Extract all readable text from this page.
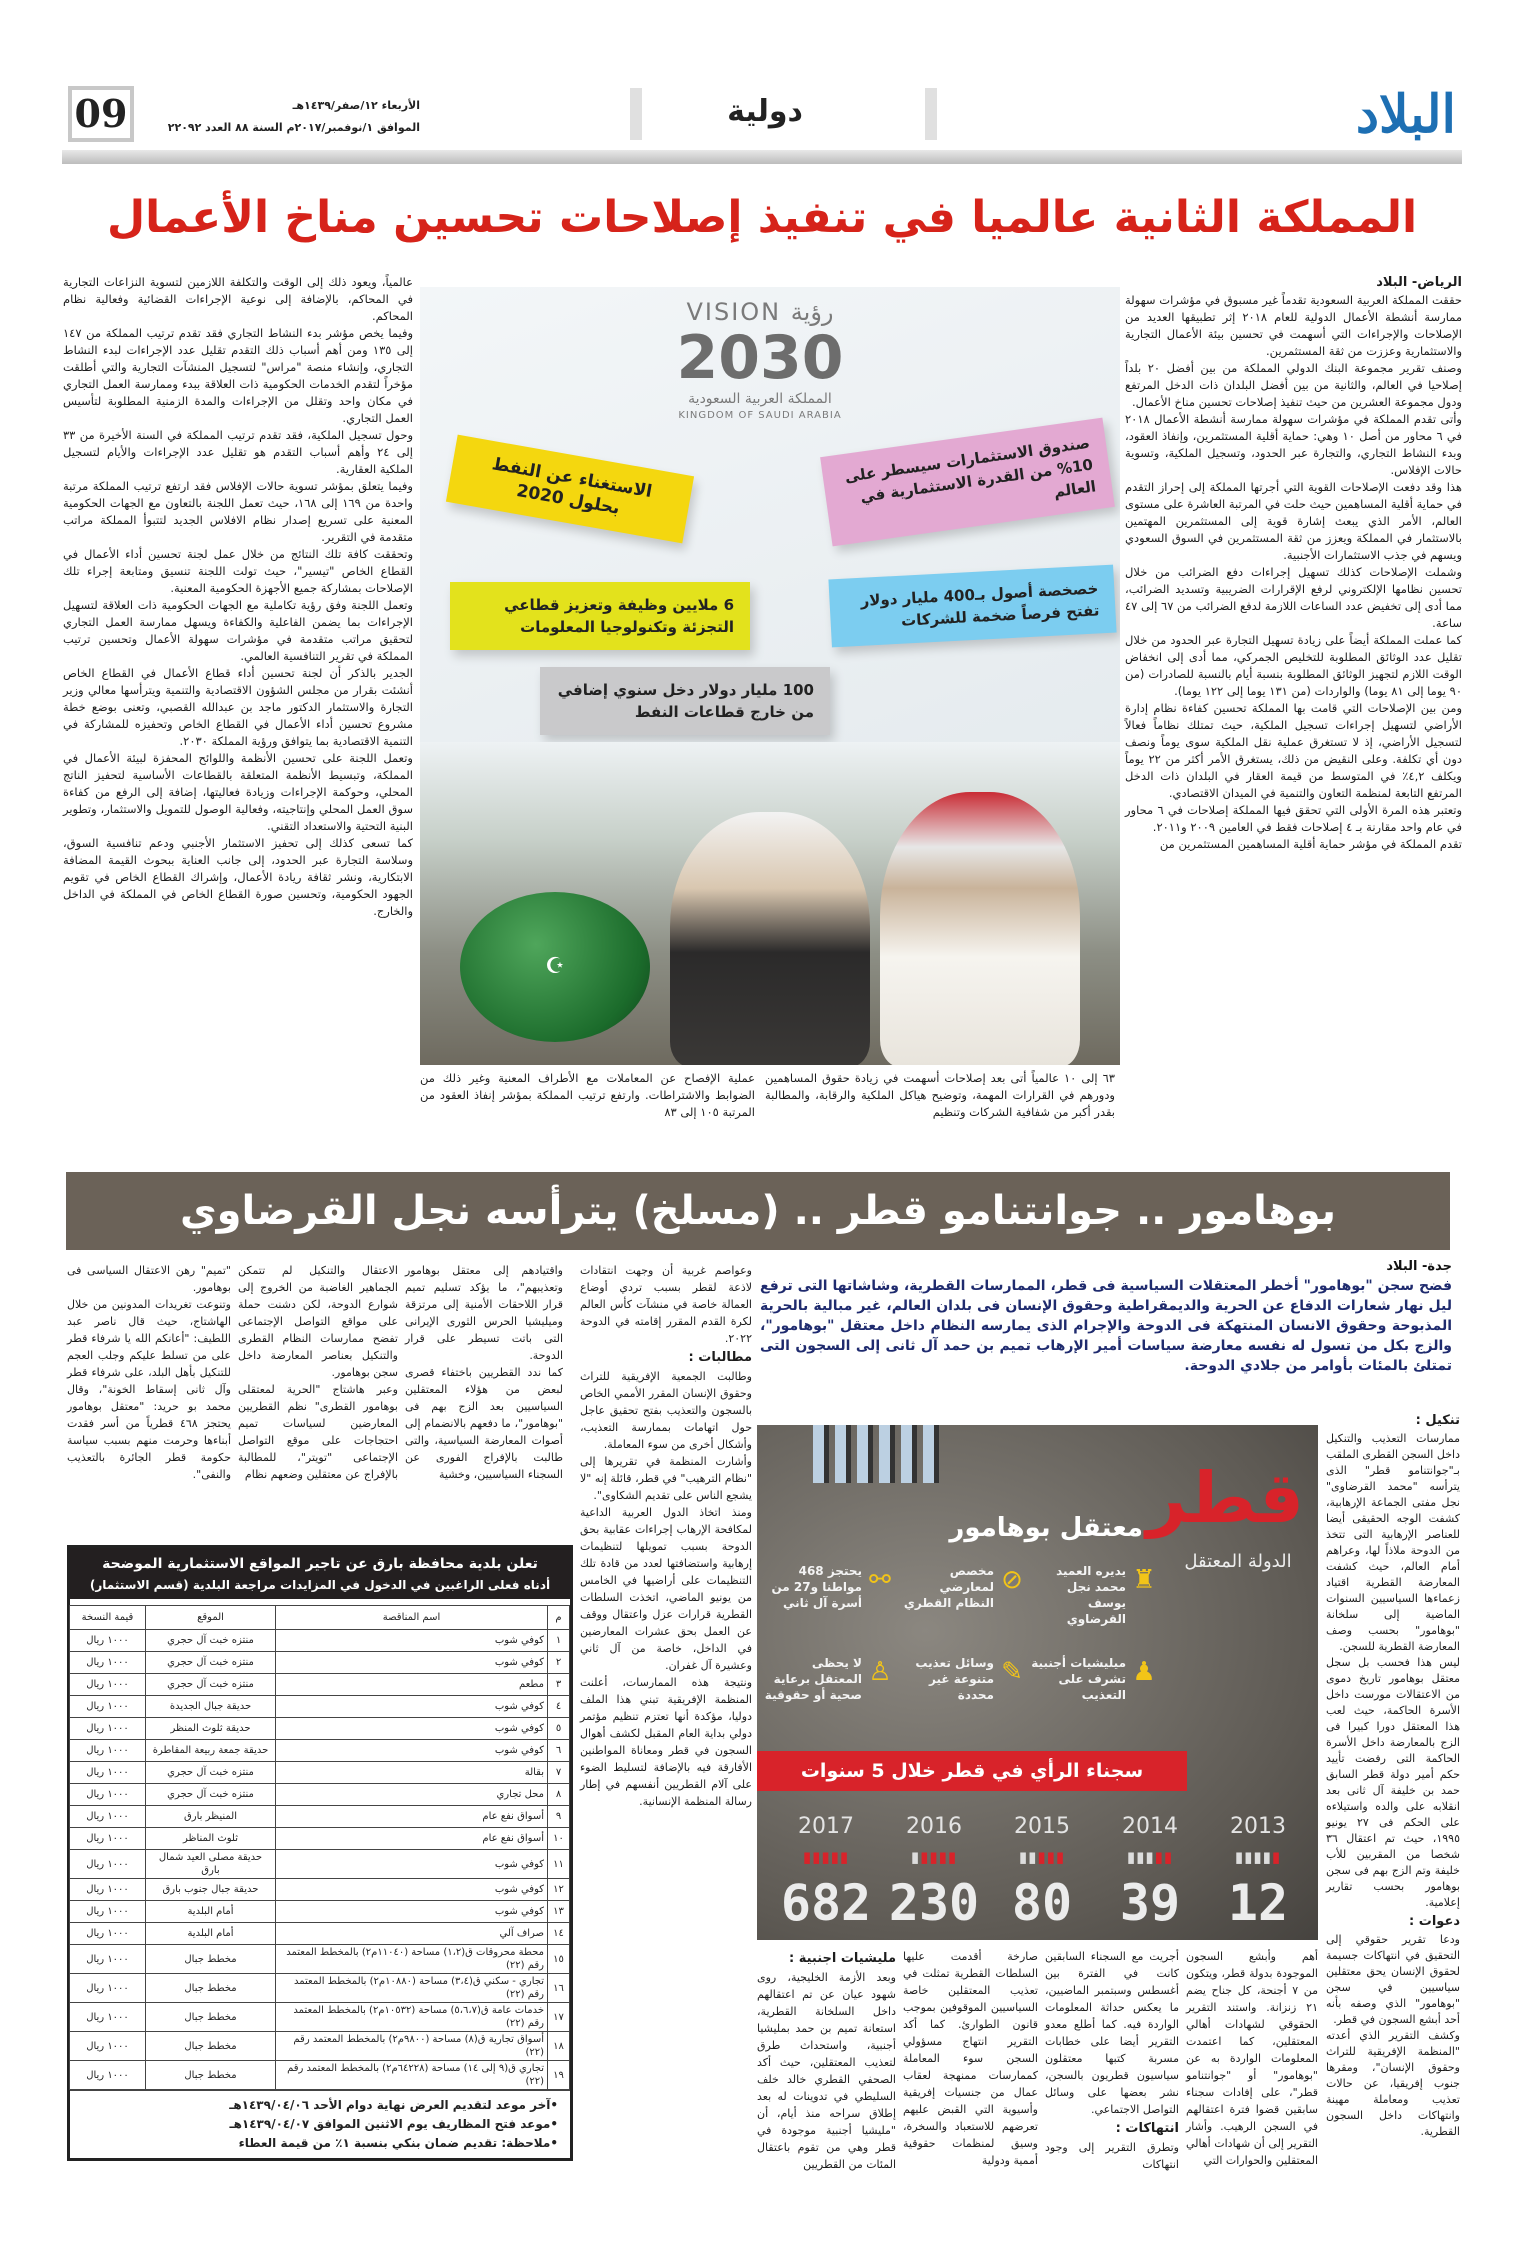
البلاد
دولية
الأربعاء ١٢/صفر/١٤٣٩هـ
الموافق ١/نوفمبر/٢٠١٧م السنة ٨٨ العدد ٢٢٠٩٢
09
المملكة الثانية عالميا في تنفيذ إصلاحات تحسين مناخ الأعمال
الرياض- البلاد

حققت المملكة العربية السعودية تقدماً غير مسبوق في مؤشرات سهولة ممارسة أنشطة الأعمال الدولية للعام ٢٠١٨ إثر تطبيقها العديد من الإصلاحات والإجراءات التي أسهمت في تحسين بيئة الأعمال التجارية والاستثمارية وعززت من ثقة المستثمرين.

وصنف تقرير مجموعة البنك الدولي المملكة من بين أفضل ٢٠ بلداً إصلاحيا في العالم، والثانية من بين أفضل البلدان ذات الدخل المرتفع ودول مجموعة العشرين من حيث تنفيذ إصلاحات تحسين مناخ الأعمال.

وأتى تقدم المملكة في مؤشرات سهولة ممارسة أنشطة الأعمال ٢٠١٨ في ٦ محاور من أصل ١٠ وهي: حماية أقلية المستثمرين، وإنفاذ العقود، وبدء النشاط التجاري، والتجارة عبر الحدود، وتسجيل الملكية، وتسوية حالات الإفلاس.

هذا وقد دفعت الإصلاحات القوية التي أجرتها المملكة إلى إحراز التقدم في حماية أقلية المساهمين حيث حلت في المرتبة العاشرة على مستوى العالم، الأمر الذي يبعث إشارة قوية إلى المستثمرين المهتمين بالاستثمار في المملكة ويعزز من ثقة المستثمرين في السوق السعودي ويسهم في جذب الاستثمارات الأجنبية.

وشملت الإصلاحات كذلك تسهيل إجراءات دفع الضرائب من خلال تحسين نظامها الإلكتروني لرفع الإقرارات الضريبية وتسديد الضرائب، مما أدى إلى تخفيض عدد الساعات اللازمة لدفع الضرائب من ٦٧ إلى ٤٧ ساعة.

كما عملت المملكة أيضاً على زيادة تسهيل التجارة عبر الحدود من خلال تقليل عدد الوثائق المطلوبة للتخليص الجمركي، مما أدى إلى انخفاض الوقت اللازم لتجهيز الوثائق المطلوبة بنسبة أيام بالنسبة للصادرات (من ٩٠ يوما إلى ٨١ يوما) والواردات (من ١٣١ يوما إلى ١٢٢ يوما).

ومن بين الإصلاحات التي قامت بها المملكة تحسين كفاءة نظام إدارة الأراضي لتسهيل إجراءات تسجيل الملكية، حيث تمتلك نظاماً فعالاً لتسجيل الأراضي، إذ لا تستغرق عملية نقل الملكية سوى يوماً ونصف دون أي تكلفة. وعلى النقيض من ذلك، يستغرق الأمر أكثر من ٢٢ يوماً ويكلف ٤,٢٪ في المتوسط من قيمة العقار في البلدان ذات الدخل المرتفع التابعة لمنظمة التعاون والتنمية في الميدان الاقتصادي.

وتعتبر هذه المرة الأولى التي تحقق فيها المملكة إصلاحات في ٦ محاور في عام واحد مقارنة بـ ٤ إصلاحات فقط في العامين ٢٠٠٩ و٢٠١١.

تقدم المملكة في مؤشر حماية أقلية المساهمين المستثمرين من

عالمياً، ويعود ذلك إلى الوقت والتكلفة اللازمين لتسوية النزاعات التجارية في المحاكم، بالإضافة إلى نوعية الإجراءات القضائية وفعالية نظام المحاكم.

وفيما يخص مؤشر بدء النشاط التجاري فقد تقدم ترتيب المملكة من ١٤٧ إلى ١٣٥ ومن أهم أسباب ذلك التقدم تقليل عدد الإجراءات لبدء النشاط التجاري، وإنشاء منصة "مراس" لتسجيل المنشآت التجارية والتي أطلقت مؤخراً لتقدم الخدمات الحكومية ذات العلاقة ببدء وممارسة العمل التجاري في مكان واحد وتقلل من الإجراءات والمدة الزمنية المطلوبة لتأسيس العمل التجاري.

وحول تسجيل الملكية، فقد تقدم ترتيب المملكة في السنة الأخيرة من ٣٣ إلى ٢٤ وأهم أسباب التقدم هو تقليل عدد الإجراءات والأيام لتسجيل الملكية العقارية.

وفيما يتعلق بمؤشر تسوية حالات الإفلاس فقد ارتفع ترتيب المملكة مرتبة واحدة من ١٦٩ إلى ١٦٨، حيث تعمل اللجنة بالتعاون مع الجهات الحكومية المعنية على تسريع إصدار نظام الافلاس الجديد لتتبوأ المملكة مراتب متقدمة في التقرير.

وتحققت كافة تلك النتائج من خلال عمل لجنة تحسين أداء الأعمال في القطاع الخاص "تيسير"، حيث تولت اللجنة تنسيق ومتابعة إجراء تلك الإصلاحات بمشاركة جميع الأجهزة الحكومية المعنية.

وتعمل اللجنة وفق رؤية تكاملية مع الجهات الحكومية ذات العلاقة لتسهيل الإجراءات بما يضمن الفاعلية والكفاءة ويسهل ممارسة العمل التجاري لتحقيق مراتب متقدمة في مؤشرات سهولة الأعمال وتحسين ترتيب المملكة في تقرير التنافسية العالمي.

الجدير بالذكر أن لجنة تحسين أداء قطاع الأعمال في القطاع الخاص أنشئت بقرار من مجلس الشؤون الاقتصادية والتنمية ويترأسها معالي وزير التجارة والاستثمار الدكتور ماجد بن عبدالله القصبي، وتعنى بوضع خطة مشروع تحسين أداء الأعمال في القطاع الخاص وتحفيزه للمشاركة في التنمية الاقتصادية بما يتوافق ورؤية المملكة ٢٠٣٠.

وتعمل اللجنة على تحسين الأنظمة واللوائح المحفزة لبيئة الأعمال في المملكة، وتبسيط الأنظمة المتعلقة بالقطاعات الأساسية لتحفيز الناتج المحلي، وحوكمة الإجراءات وزيادة فعاليتها، إضافة إلى الرفع من كفاءة سوق العمل المحلي وإنتاجيته، وفعالية الوصول للتمويل والاستثمار، وتطوير البنية التحتية والاستعداد التقني.

كما تسعى كذلك إلى تحفيز الاستثمار الأجنبي ودعم تنافسية السوق، وسلاسة التجارة عبر الحدود، إلى جانب العناية ببحوث القيمة المضافة الابتكارية، ونشر ثقافة ريادة الأعمال، وإشراك القطاع الخاص في تقويم الجهود الحكومية، وتحسين صورة القطاع الخاص في المملكة في الداخل والخارج.

VISION رؤية
2030
المملكة العربية السعودية
KINGDOM OF SAUDI ARABIA
صندوق الاستثمارات سيسطر على 10% من القدرة الاستثمارية في العالم
الاستغناء عن النفط بحلول 2020
خصخصة أصول بـ400 مليار دولار تفتح فرصاً ضخمة للشركات
6 ملايين وظيفة وتعزيز قطاعي التجزئة وتكنولوجيا المعلومات
100 مليار دولار دخل سنوي إضافي من خارج قطاعات النفط
☪

٦٣ إلى ١٠ عالمياً أتى بعد إصلاحات أسهمت في زيادة حقوق المساهمين ودورهم في القرارات المهمة، وتوضيح هياكل الملكية والرقابة، والمطالبة بقدر أكبر من شفافية الشركات وتنظيم

عملية الإفصاح عن المعاملات مع الأطراف المعنية وغير ذلك من الضوابط والاشتراطات. وارتفع ترتيب المملكة بمؤشر إنفاذ العقود من المرتبة ١٠٥ إلى ٨٣

بوهامور .. جوانتنامو قطر .. (مسلخ) يترأسه نجل القرضاوي
جدة- البلاد
فضح سجن "بوهامور" أخطر المعتقلات السياسية فى قطر، الممارسات القطرية، وشاشاتها التى ترفع ليل نهار شعارات الدفاع عن الحرية والديمقراطية وحقوق الإنسان فى بلدان العالم، غير مبالية بالحرية المذبوحة وحقوق الانسان المنتهكة فى الدوحة والإجرام الذى يمارسه النظام داخل معتقل "بوهامور"، والزج بكل من تسول له نفسه معارضة سياسات أمير الإرهاب تميم بن حمد آل ثانى إلى السجون التى تمتلئ بالمئات بأوامر من جلادي الدوحة.
تنكيل :

ممارسات التعذيب والتنكيل داخل السجن القطرى الملقب بـ"جوانتنامو قطر" الذى يترأسه "محمد القرضاوى" نجل مفتى الجماعة الإرهابية، كشفت الوجه الحقيقى أيضا للعناصر الإرهابية التى تتخذ من الدوحة ملاذاً لها، وعراهم أمام العالم، حيث كشفت المعارضة القطرية اقتياد زعماءها السياسيين السنوات الماضية إلى سلخانة "بوهامور" بحسب وصف المعارضة القطرية للسجن.

ليس هذا فحسب بل سجل معتقل بوهامور تاريخ دموى من الاعتقالات مورست داخل الأسرة الحاكمة، حيث لعب هذا المعتقل دورا كبيرا فى الزج بالمعارضة داخل الأسرة الحاكمة التى رفضت تأييد حكم أمير دولة قطر السابق حمد بن خليفة آل ثانى بعد انقلابه على والده واستيلاءه على الحكم فى ٢٧ يونيو ١٩٩٥، حيث تم اعتقال ٣٦ شخصا من المقربين للأب خليفة وتم الزج بهم فى سجن بوهامور بحسب تقارير إعلامية.

دعوات :

ودعا تقرير حقوقي إلى التحقيق في انتهاكات جسيمة لحقوق الإنسان يحق معتقلين سياسيين في سجن "بوهامور" الذي وصفه بأنه أحد أبشع السجون في قطر.

وكشف التقرير الذي أعدته "المنظمة الإفريقية للتراث وحقوق الإنسان"، ومقرها جنوب إفريقيا، عن حالات تعذيب ومعاملة مهينة وانتهاكات داخل السجون القطرية.

قطر
الدولة المعتقل
معتقل بوهامور
♜
يديره العميد محمد نجل يوسف القرضاوي
⊘
مخصص لمعارضي النظام القطري
⚯
يحتجز 468 مواطنا و27 من أسرة آل ثاني
♟
ميليشيات أجنبية تشرف على التعذيب
✎
وسائل تعذيب متنوعة غير محددة
♙
لا يحظى المعتقل برعاية صحية أو حقوقية
سجناء الرأي في قطر خلال 5 سنوات
2013
▮▮▮▮▮
12
2014
▮▮▮▮▮
39
2015
▮▮▮▮▮
80
2016
▮▮▮▮▮
230
2017
▮▮▮▮▮
682

وعواصم غربية أن وجهت انتقادات لاذعة لقطر بسبب تردي أوضاع العمالة خاصة في منشآت كأس العالم لكرة القدم المقرر إقامته في الدوحة ٢٠٢٢.

مطالبات :

وطالبت الجمعية الإفريقية للتراث وحقوق الإنسان المقرر الأممي الخاص بالسجون والتعذيب بفتح تحقيق عاجل حول اتهامات بممارسة التعذيب، وأشكال أخرى من سوء المعاملة.

وأشارت المنظمة في تقريرها إلى "نظام الترهيب" في قطر، قائلة إنه "لا يشجع الناس على تقديم الشكاوى".

ومنذ اتخاذ الدول العربية الداعية لمكافحة الإرهاب إجراءات عقابية بحق الدوحة بسبب تمويلها لتنظيمات إرهابية واستضافتها لعدد من قادة تلك التنظيمات على أراضيها في الخامس من يونيو الماضي، اتخذت السلطات القطرية قرارات عزل واعتقال ووقف عن العمل بحق عشرات المعارضين في الداخل، خاصة من آل ثاني وعشيرة آل غفران.

ونتيجة هذه الممارسات، أعلنت المنظمة الإفريقية تبني هذا الملف دوليا، مؤكدة أنها تعتزم تنظيم مؤتمر دولي بداية العام المقبل لكشف أهوال السجون في قطر ومعاناة المواطنين الأفارقة فيه بالإضافة لتسليط الضوء على آلام القطريين أنفسهم في إطار رسالة المنظمة الإنسانية.

واقتيادهم إلى معتقل بوهامور وتعذيبهم"، ما يؤكد تسليم تميم قرار اللاحقات الأمنية إلى مرتزقة وميليشيا الحرس الثورى الإيرانى التى باتت تسيطر على قرار الدوحة.

كما ندد القطريين باختفاء قصرى لبعض من هؤلاء المعتقلين السياسيين بعد الزج بهم فى "بوهامور"، ما دفعهم بالانضمام إلى أصوات المعارضة السياسية، والتى طالبت بالإفراج الفورى عن السجناء السياسيين، وخشية

الاعتقال والتنكيل لم تتمكن الجماهير الغاضبة من الخروج إلى شوارع الدوحة، لكن دشنت حملة على مواقع التواصل الإجتماعى تفضح ممارسات النظام القطرى والتنكيل بعناصر المعارضة داخل سجن بوهامور.

وعبر هاشتاج "الحرية لمعتقلى بوهامور القطرى" نظم القطريين المعارضين لسياسات تميم احتجاجات على موقع التواصل الإجتماعى "تويتر"، للمطالبة بالإفراج عن معتقلين وضعهم نظام

"تميم" رهن الاعتقال السياسى فى بوهامور.

وتنوعت تغريدات المدونين من خلال الهاشتاج، حيث قال ناصر عبد اللطيف: "أعانكم الله يا شرفاء قطر على من تسلط عليكم وجلب العجم للتنكيل بأهل البلد، على شرفاء قطر وآل ثانى إسقاط الخونة"، وقال محمد بو حريد: "معتقل بوهامور يحتجز ٤٦٨ قطرياً من أسر فقدت أبناءها وحرمت منهم بسبب سياسة حكومة قطر الجائرة بالتعذيب والنفى".

أهم وأبشع السجون الموجودة بدولة قطر، ويتكون من ٧ أجنحة، كل جناح يضم ٢١ زنزانة. واستند التقرير الحقوقي لشهادات أهالي المعتقلين، كما اعتمدت المعلومات الواردة به عن "بوهامور" أو "جوانتنامو قطر"، على إفادات سجناء سابقين قضوا فترة اعتقالهم في السجن الرهيب. وأشار التقرير إلى أن شهادات أهالي المعتقلين والحوارات التي

أجريت مع السجناء السابقين كانت في الفترة بين أغسطس وسبتمبر الماضيين، ما يعكس حداثة المعلومات الواردة فيه. كما أطلع معدو التقرير أيضا على خطابات مسربة كتبها معتقلون سياسيون قطريون بالسجن، نشر بعضها على وسائل التواصل الاجتماعي.

انتهاكات :

وتطرق التقرير إلى وجود انتهاكات

صارخة أقدمت عليها السلطات القطرية تمثلت في تعذيب المعتقلين خاصة السياسيين الموقوفين بموجب قانون الطوارئ. كما أكد التقرير انتهاج مسؤولي السجن سوء المعاملة كممارسات ممنهجة لعقاب عمال من جنسيات إفريقية وأسيوية التي القبض عليهم تعرضهم للاستعباد والسخرة، وسيق لمنظمات حقوقية أممية ودولية

مليشيات اجنبية :

وبعد الأزمة الخليجية، روى شهود عيان عن تم اعتقالهم داخل السلخانة القطرية، استعانة تميم بن حمد بمليشيا أجنبية، واستحداث طرق لتعذيب المعتقلين، حيث أكد الصحفي القطري خالد خلف السليطي في تدوينات له بعد إطلاق سراحه منذ أيام، أن "مليشيا أجنبية موجودة في قطر وهي من تقوم باعتقال المئات من القطريين

تعلن بلدية محافظة بارق عن تاجير المواقع الاستثمارية الموضحة
أدناه فعلى الراغبين في الدخول في المزايدات مراجعة البلدية (قسم الاستثمار)
م	اسم المناقصة	الموقع	قيمة النسخة
١	كوفي شوب	منتزه خبت آل حجري	١٠٠٠ ريال
٢	كوفي شوب	منتزه خبت آل حجري	١٠٠٠ ريال
٣	مطعم	منتزه خبت آل حجري	١٠٠٠ ريال
٤	كوفي شوب	حديقة جبال الجديدة	١٠٠٠ ريال
٥	كوفي شوب	حديقة ثلوث المنظر	١٠٠٠ ريال
٦	كوفي شوب	حديقة جمعة ربيعة المقاطرة	١٠٠٠ ريال
٧	بقالة	منتزه خبت آل حجري	١٠٠٠ ريال
٨	محل تجاري	منتزه خبت آل حجري	١٠٠٠ ريال
٩	أسواق نفع عام	المنيظر بارق	١٠٠٠ ريال
١٠	أسواق نفع عام	ثلوث المناظر	١٠٠٠ ريال
١١	كوفي شوب	حديقة مصلى العيد شمال بارق	١٠٠٠ ريال
١٢	كوفي شوب	حديقة جبال جنوب بارق	١٠٠٠ ريال
١٣	كوفي شوب	أمام البلدية	١٠٠٠ ريال
١٤	صراف آلي	أمام البلدية	١٠٠٠ ريال
١٥	محطة محروقات ق(١،٢) مساحة (١١٠٤٠م٢) بالمخطط المعتمد رقم (٢٢)	مخطط جبال	١٠٠٠ ريال
١٦	تجاري - سكني ق(٣،٤) مساحة (١٠٨٨٠م٢) بالمخطط المعتمد رقم (٢٢)	مخطط جبال	١٠٠٠ ريال
١٧	خدمات عامة ق(٥،٦،٧) مساحة (١٠٥٣٢م٢) بالمخطط المعتمد رقم (٢٢)	مخطط جبال	١٠٠٠ ريال
١٨	أسواق تجارية ق(٨) مساحة (٩٨٠٠م٢) بالمخطط المعتمد رقم (٢٢)	مخطط جبال	١٠٠٠ ريال
١٩	تجاري ق(٩ إلى ١٤) مساحة (٦٤٢٢٨م٢) بالمخطط المعتمد رقم (٢٢)	مخطط جبال	١٠٠٠ ريال
•آخر موعد لتقديم العرض نهاية دوام الأحد ١٤٣٩/٠٤/٠٦هـ
•موعد فتح المظاريف يوم الاثنين الموافق ١٤٣٩/٠٤/٠٧هـ
•ملاحظة: تقديم ضمان بنكي بنسبة ١٪ من قيمة العطاء
